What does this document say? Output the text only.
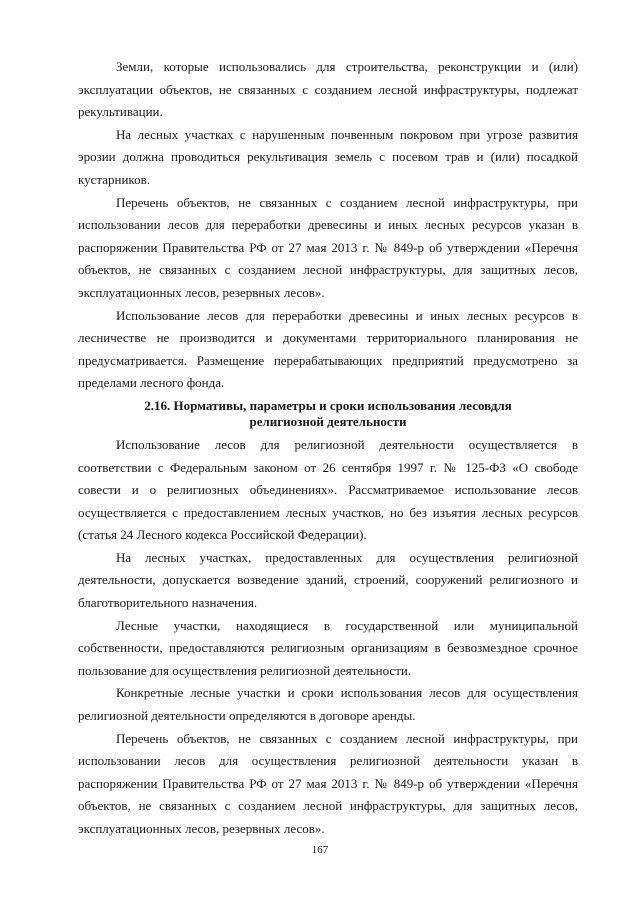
Земли, которые использовались для строительства, реконструкции и (или) эксплуатации объектов, не связанных с созданием лесной инфраструктуры, подлежат рекультивации.

На лесных участках с нарушенным почвенным покровом при угрозе развития эрозии должна проводиться рекультивация земель с посевом трав и (или) посадкой кустарников.

Перечень объектов, не связанных с созданием лесной инфраструктуры, при использовании лесов для переработки древесины и иных лесных ресурсов указан в распоряжении Правительства РФ от 27 мая 2013 г. № 849-р об утверждении «Перечня объектов, не связанных с созданием лесной инфраструктуры, для защитных лесов, эксплуатационных лесов, резервных лесов».

Использование лесов для переработки древесины и иных лесных ресурсов в лесничестве не производится и документами территориального планирования не предусматривается. Размещение перерабатывающих предприятий предусмотрено за пределами лесного фонда.

2.16. Нормативы, параметры и сроки использования лесовдля
религиозной деятельности

Использование лесов для религиозной деятельности осуществляется в соответствии с Федеральным законом от 26 сентября 1997 г. № 125-ФЗ «О свободе совести и о религиозных объединениях». Рассматриваемое использование лесов осуществляется с предоставлением лесных участков, но без изъятия лесных ресурсов (статья 24 Лесного кодекса Российской Федерации).

На лесных участках, предоставленных для осуществления религиозной деятельности, допускается возведение зданий, строений, сооружений религиозного и благотворительного назначения.

Лесные участки, находящиеся в государственной или муниципальной собственности, предоставляются религиозным организациям в безвозмездное срочное пользование для осуществления религиозной деятельности.

Конкретные лесные участки и сроки использования лесов для осуществления религиозной деятельности определяются в договоре аренды.

Перечень объектов, не связанных с созданием лесной инфраструктуры, при использовании лесов для осуществления религиозной деятельности указан в распоряжении Правительства РФ от 27 мая 2013 г. № 849-р об утверждении «Перечня объектов, не связанных с созданием лесной инфраструктуры, для защитных лесов, эксплуатационных лесов, резервных лесов».

167
